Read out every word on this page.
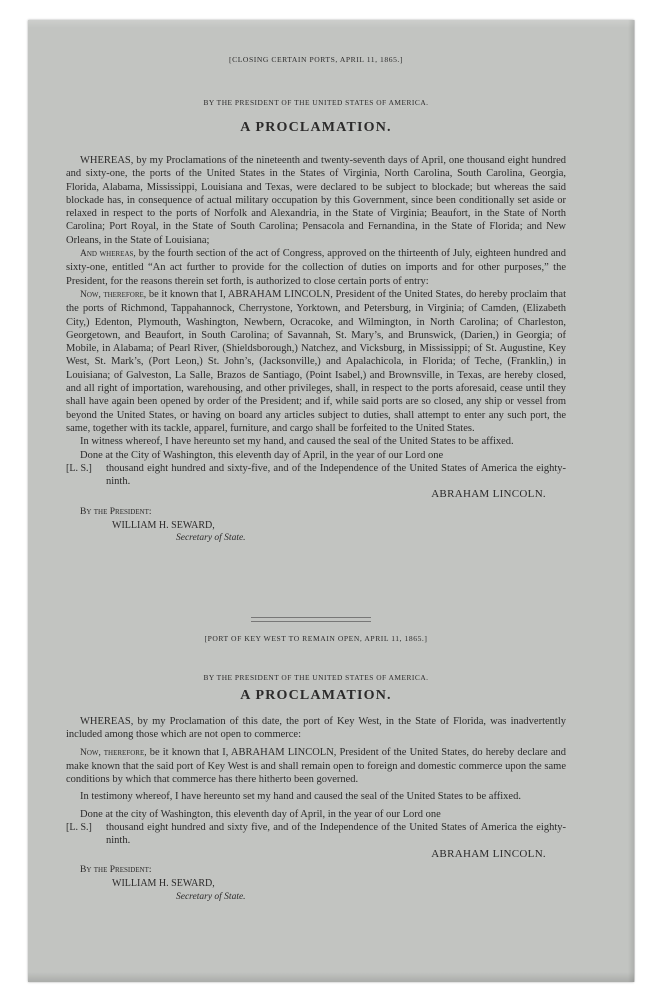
[CLOSING CERTAIN PORTS, APRIL 11, 1865.]
BY THE PRESIDENT OF THE UNITED STATES OF AMERICA.
A PROCLAMATION.

WHEREAS, by my Proclamations of the nineteenth and twenty-seventh days of April, one thousand eight hundred and sixty-one, the ports of the United States in the States of Virginia, North Carolina, South Carolina, Georgia, Florida, Alabama, Mississippi, Louisiana and Texas, were declared to be subject to blockade; but whereas the said blockade has, in consequence of actual military occupation by this Government, since been conditionally set aside or relaxed in respect to the ports of Norfolk and Alexandria, in the State of Virginia; Beaufort, in the State of North Carolina; Port Royal, in the State of South Carolina; Pensacola and Fernandina, in the State of Florida; and New Orleans, in the State of Louisiana;

And whereas, by the fourth section of the act of Congress, approved on the thirteenth of July, eighteen hundred and sixty-one, entitled “An act further to provide for the collection of duties on imports and for other purposes,” the President, for the reasons therein set forth, is authorized to close certain ports of entry:

Now, therefore, be it known that I, ABRAHAM LINCOLN, President of the United States, do hereby proclaim that the ports of Richmond, Tappahannock, Cherrystone, Yorktown, and Petersburg, in Virginia; of Camden, (Elizabeth City,) Edenton, Plymouth, Washington, Newbern, Ocracoke, and Wilmington, in North Carolina; of Charleston, Georgetown, and Beaufort, in South Carolina; of Savannah, St. Mary’s, and Brunswick, (Darien,) in Georgia; of Mobile, in Alabama; of Pearl River, (Shieldsborough,) Natchez, and Vicksburg, in Mississippi; of St. Augustine, Key West, St. Mark’s, (Port Leon,) St. John’s, (Jacksonville,) and Apalachicola, in Florida; of Teche, (Franklin,) in Louisiana; of Galveston, La Salle, Brazos de Santiago, (Point Isabel,) and Brownsville, in Texas, are hereby closed, and all right of importation, warehousing, and other privileges, shall, in respect to the ports aforesaid, cease until they shall have again been opened by order of the President; and if, while said ports are so closed, any ship or vessel from beyond the United States, or having on board any articles subject to duties, shall attempt to enter any such port, the same, together with its tackle, apparel, furniture, and cargo shall be forfeited to the United States.

In witness whereof, I have hereunto set my hand, and caused the seal of the United States to be affixed.

Done at the City of Washington, this eleventh day of April, in the year of our Lord one

[L. S.]	thousand eight hundred and sixty-five, and of the Independence of the United States of America the eighty-ninth.
ABRAHAM LINCOLN.
By the President:
WILLIAM H. SEWARD,
Secretary of State.
[PORT OF KEY WEST TO REMAIN OPEN, APRIL 11, 1865.]
BY THE PRESIDENT OF THE UNITED STATES OF AMERICA.
A PROCLAMATION.

WHEREAS, by my Proclamation of this date, the port of Key West, in the State of Florida, was inadvertently included among those which are not open to commerce:

Now, therefore, be it known that I, ABRAHAM LINCOLN, President of the United States, do hereby declare and make known that the said port of Key West is and shall remain open to foreign and domestic commerce upon the same conditions by which that commerce has there hitherto been governed.

In testimony whereof, I have hereunto set my hand and caused the seal of the United States to be affixed.

Done at the city of Washington, this eleventh day of April, in the year of our Lord one

[L. S.]	thousand eight hundred and sixty five, and of the Independence of the United States of America the eighty-ninth.
ABRAHAM LINCOLN.
By the President:
WILLIAM H. SEWARD,
Secretary of State.
